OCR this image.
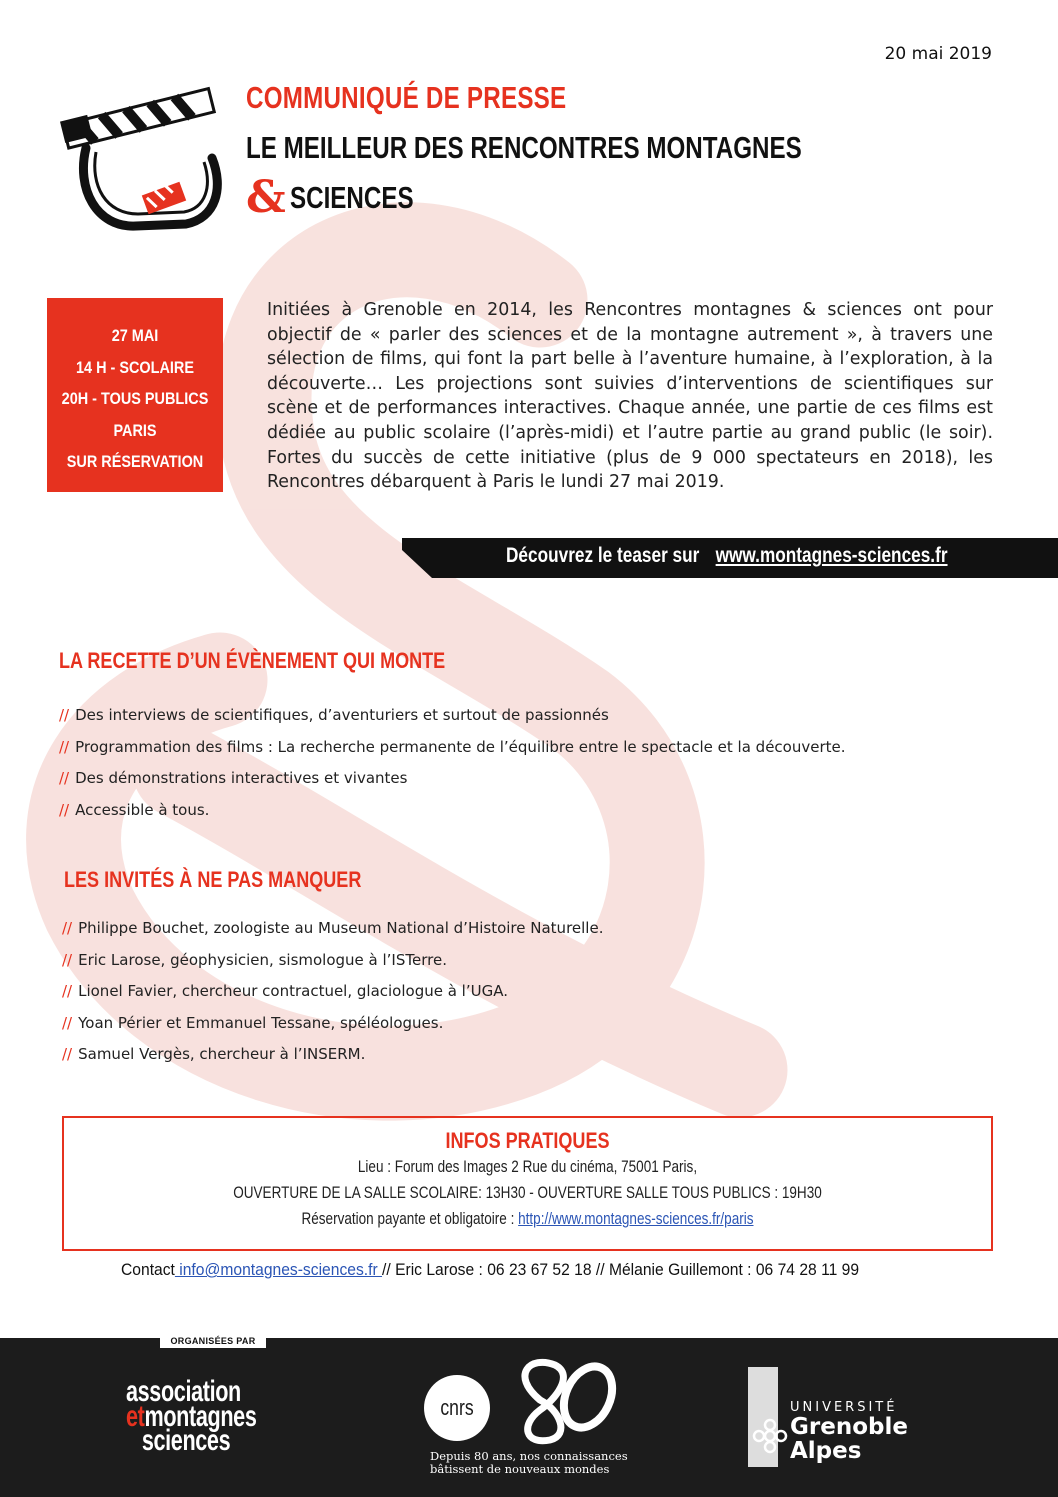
20 mai 2019
COMMUNIQUÉ DE PRESSE
LE MEILLEUR DES RENCONTRES MONTAGNES
& SCIENCES
27 MAI
14 H - SCOLAIRE
20H - TOUS PUBLICS
PARIS
SUR RÉSERVATION

Initiées à Grenoble en 2014, les Rencontres montagnes & sciences ont pour objectif de « parler des sciences et de la montagne autrement », à travers une sélection de films, qui font la part belle à l’aventure humaine, à l’exploration, à la découverte… Les projections sont suivies d’interventions de scientifiques sur scène et de performances interactives. Chaque année, une partie de ces films est dédiée au public scolaire (l’après-midi) et l’autre partie au grand public (le soir). Fortes du succès de cette initiative (plus de 9 000 spectateurs en 2018), les Rencontres débarquent à Paris le lundi 27 mai 2019.

Découvrez le teaser sur www.montagnes-sciences.fr
LA RECETTE D’UN ÉVÈNEMENT QUI MONTE
// Des interviews de scientifiques, d’aventuriers et surtout de passionnés
// Programmation des films : La recherche permanente de l’équilibre entre le spectacle et la découverte.
// Des démonstrations interactives et vivantes
// Accessible à tous.
LES INVITÉS À NE PAS MANQUER
// Philippe Bouchet, zoologiste au Museum National d’Histoire Naturelle.
// Eric Larose, géophysicien, sismologue à l’ISTerre.
// Lionel Favier, chercheur contractuel, glaciologue à l’UGA.
// Yoan Périer et Emmanuel Tessane, spéléologues.
// Samuel Vergès, chercheur à l’INSERM.
INFOS PRATIQUES
Lieu : Forum des Images 2 Rue du cinéma, 75001 Paris,
OUVERTURE DE LA SALLE SCOLAIRE: 13H30 - OUVERTURE SALLE TOUS PUBLICS : 19H30
Réservation payante et obligatoire : http://www.montagnes-sciences.fr/paris
Contact info@montagnes-sciences.fr // Eric Larose : 06 23 67 52 18 // Mélanie Guillemont : 06 74 28 11 99
ORGANISÉES PAR
association
etmontagnes
sciences
cnrs
Depuis 80 ans, nos connaissances
bâtissent de nouveaux mondes
UNIVERSITÉ
Grenoble
Alpes
